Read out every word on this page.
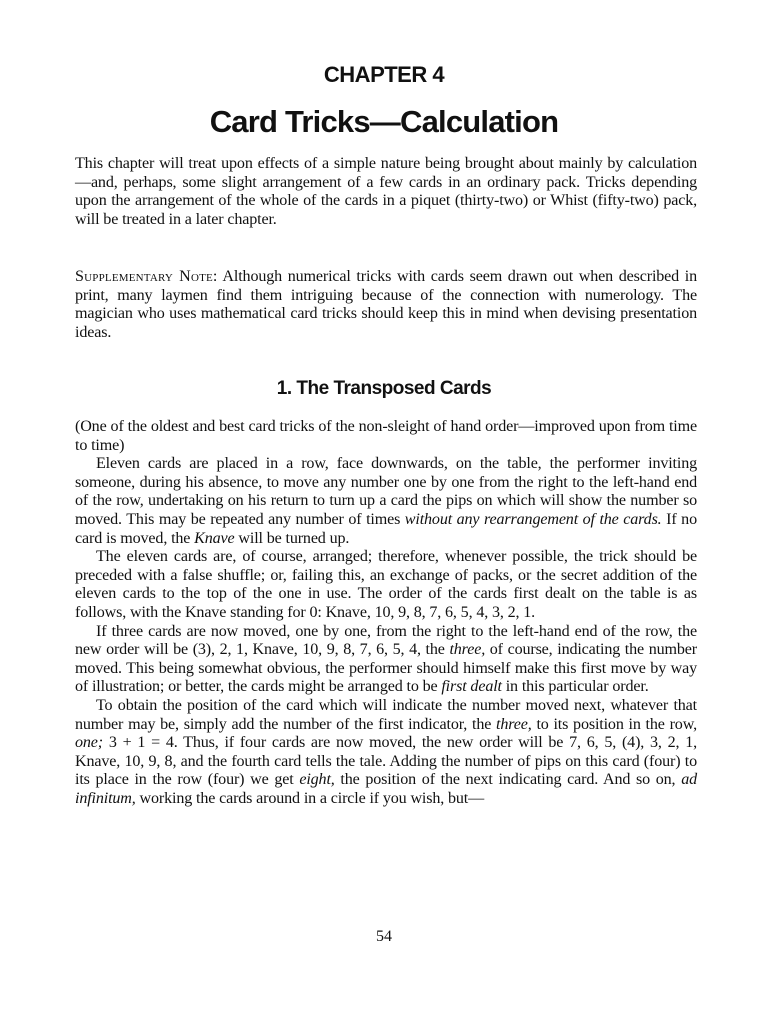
CHAPTER 4
Card Tricks—Calculation

This chapter will treat upon effects of a simple nature being brought about mainly by calculation—and, perhaps, some slight arrangement of a few cards in an ordinary pack. Tricks depending upon the arrangement of the whole of the cards in a piquet (thirty-two) or Whist (fifty-two) pack, will be treated in a later chapter.

Supplementary Note: Although numerical tricks with cards seem drawn out when described in print, many laymen find them intriguing because of the connection with numerology. The magician who uses mathematical card tricks should keep this in mind when devising presentation ideas.

1. The Transposed Cards

(One of the oldest and best card tricks of the non-sleight of hand order—improved upon from time to time)

Eleven cards are placed in a row, face downwards, on the table, the performer inviting someone, during his absence, to move any number one by one from the right to the left-hand end of the row, undertaking on his return to turn up a card the pips on which will show the number so moved. This may be repeated any number of times without any rearrangement of the cards. If no card is moved, the Knave will be turned up.

The eleven cards are, of course, arranged; therefore, whenever possible, the trick should be preceded with a false shuffle; or, failing this, an exchange of packs, or the secret addition of the eleven cards to the top of the one in use. The order of the cards first dealt on the table is as follows, with the Knave standing for 0: Knave, 10, 9, 8, 7, 6, 5, 4, 3, 2, 1.

If three cards are now moved, one by one, from the right to the left-hand end of the row, the new order will be (3), 2, 1, Knave, 10, 9, 8, 7, 6, 5, 4, the three, of course, indicating the number moved. This being somewhat obvious, the performer should himself make this first move by way of illustration; or better, the cards might be arranged to be first dealt in this particular order.

To obtain the position of the card which will indicate the number moved next, whatever that number may be, simply add the number of the first indicator, the three, to its position in the row, one; 3 + 1 = 4. Thus, if four cards are now moved, the new order will be 7, 6, 5, (4), 3, 2, 1, Knave, 10, 9, 8, and the fourth card tells the tale. Adding the number of pips on this card (four) to its place in the row (four) we get eight, the position of the next indicating card. And so on, ad infinitum, working the cards around in a circle if you wish, but—

54
